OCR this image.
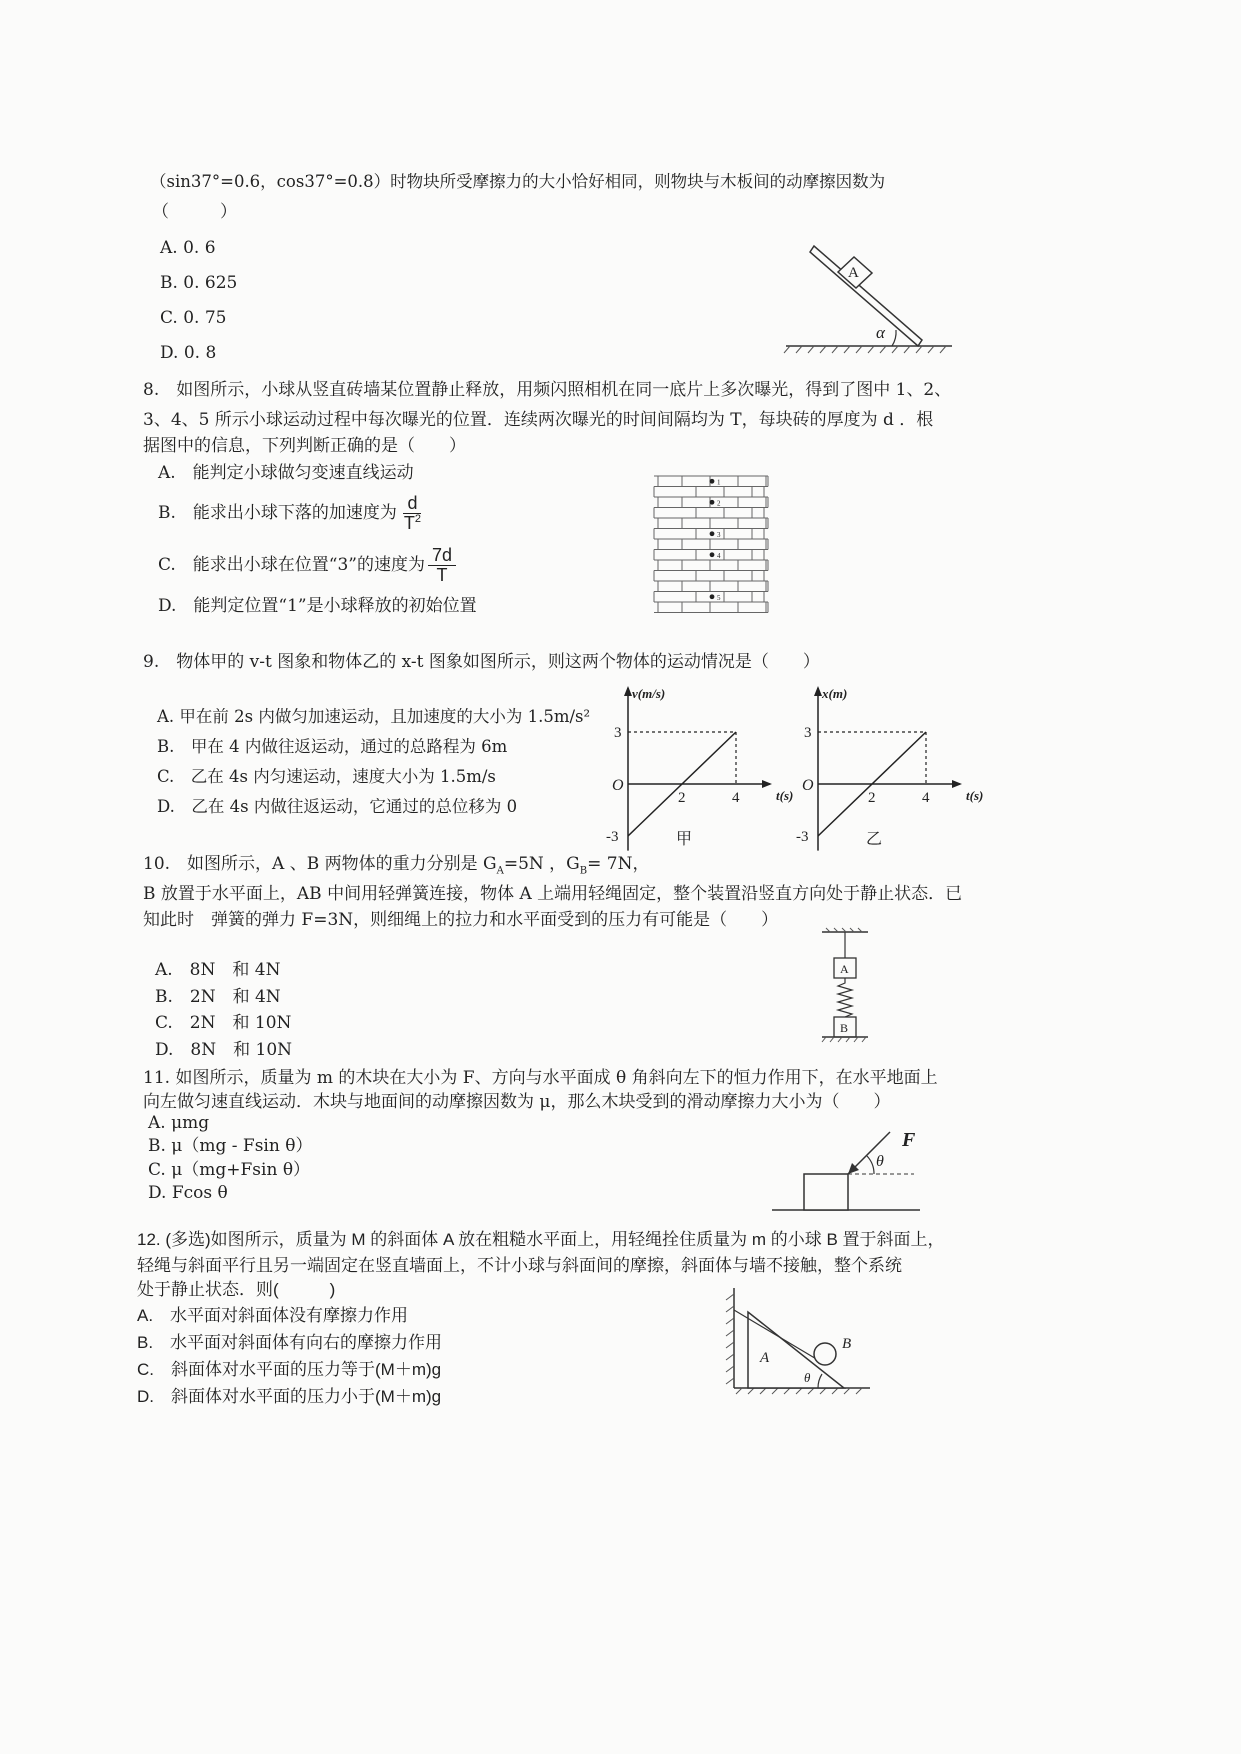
（sin37°=0.6，cos37°=0.8）时物块所受摩擦力的大小恰好相同，则物块与木板间的动摩擦因数为
（　　　）
A. 0. 6
B. 0. 625
C. 0. 75
D. 0. 8
A
α
8.　如图所示，小球从竖直砖墙某位置静止释放，用频闪照相机在同一底片上多次曝光，得到了图中 1、2、
3、4、5 所示小球运动过程中每次曝光的位置．连续两次曝光的时间间隔均为 T，每块砖的厚度为 d ．根
据图中的信息，下列判断正确的是（　　）
A.　能判定小球做匀变速直线运动
B.　能求出小球下落的加速度为 $\frac{d}{T^2}$
C.　能求出小球在位置“3”的速度为 $\frac{7d}{T}$
D.　能判定位置“1”是小球释放的初始位置
1
2
3
4
5
9.　物体甲的 v-t 图象和物体乙的 x-t 图象如图所示，则这两个物体的运动情况是（　　）
A. 甲在前 2s 内做匀加速运动，且加速度的大小为 1.5m/s²
B.　甲在 4 内做往返运动，通过的总路程为 6m
C.　乙在 4s 内匀速运动，速度大小为 1.5m/s
D.　乙在 4s 内做往返运动，它通过的总位移为 0
v(m/s)
t(s)
O
2	4
3
-3	甲
x(m)
t(s)
O
2	4
3
-3	乙
10.　如图所示，A 、B 两物体的重力分别是 $G_A=5N$ ，$G_B= 7N$，
B 放置于水平面上，AB 中间用轻弹簧连接，物体 A 上端用轻绳固定，整个装置沿竖直方向处于静止状态．已
知此时　弹簧的弹力 F=3N，则细绳上的拉力和水平面受到的压力有可能是（　　）
A.　8N　和 4N
B.　2N　和 4N
C.　2N　和 10N
D.　8N　和 10N
A
B
11. 如图所示，质量为 m 的木块在大小为 F、方向与水平面成 θ 角斜向左下的恒力作用下，在水平地面上
向左做匀速直线运动．木块与地面间的动摩擦因数为 μ，那么木块受到的滑动摩擦力大小为（　　）
A. μmg
B. μ（mg - Fsin θ）
C. μ（mg+Fsin θ）
D. Fcos θ
F
θ
12. (多选)如图所示，质量为 M 的斜面体 A 放在粗糙水平面上，用轻绳拴住质量为 m 的小球 B 置于斜面上，
轻绳与斜面平行且另一端固定在竖直墙面上，不计小球与斜面间的摩擦，斜面体与墙不接触，整个系统
处于静止状态．则(　　　)
A.　水平面对斜面体没有摩擦力作用
B.　水平面对斜面体有向右的摩擦力作用
C.　斜面体对水平面的压力等于(M＋m)g
D.　斜面体对水平面的压力小于(M＋m)g
A
B
θ
